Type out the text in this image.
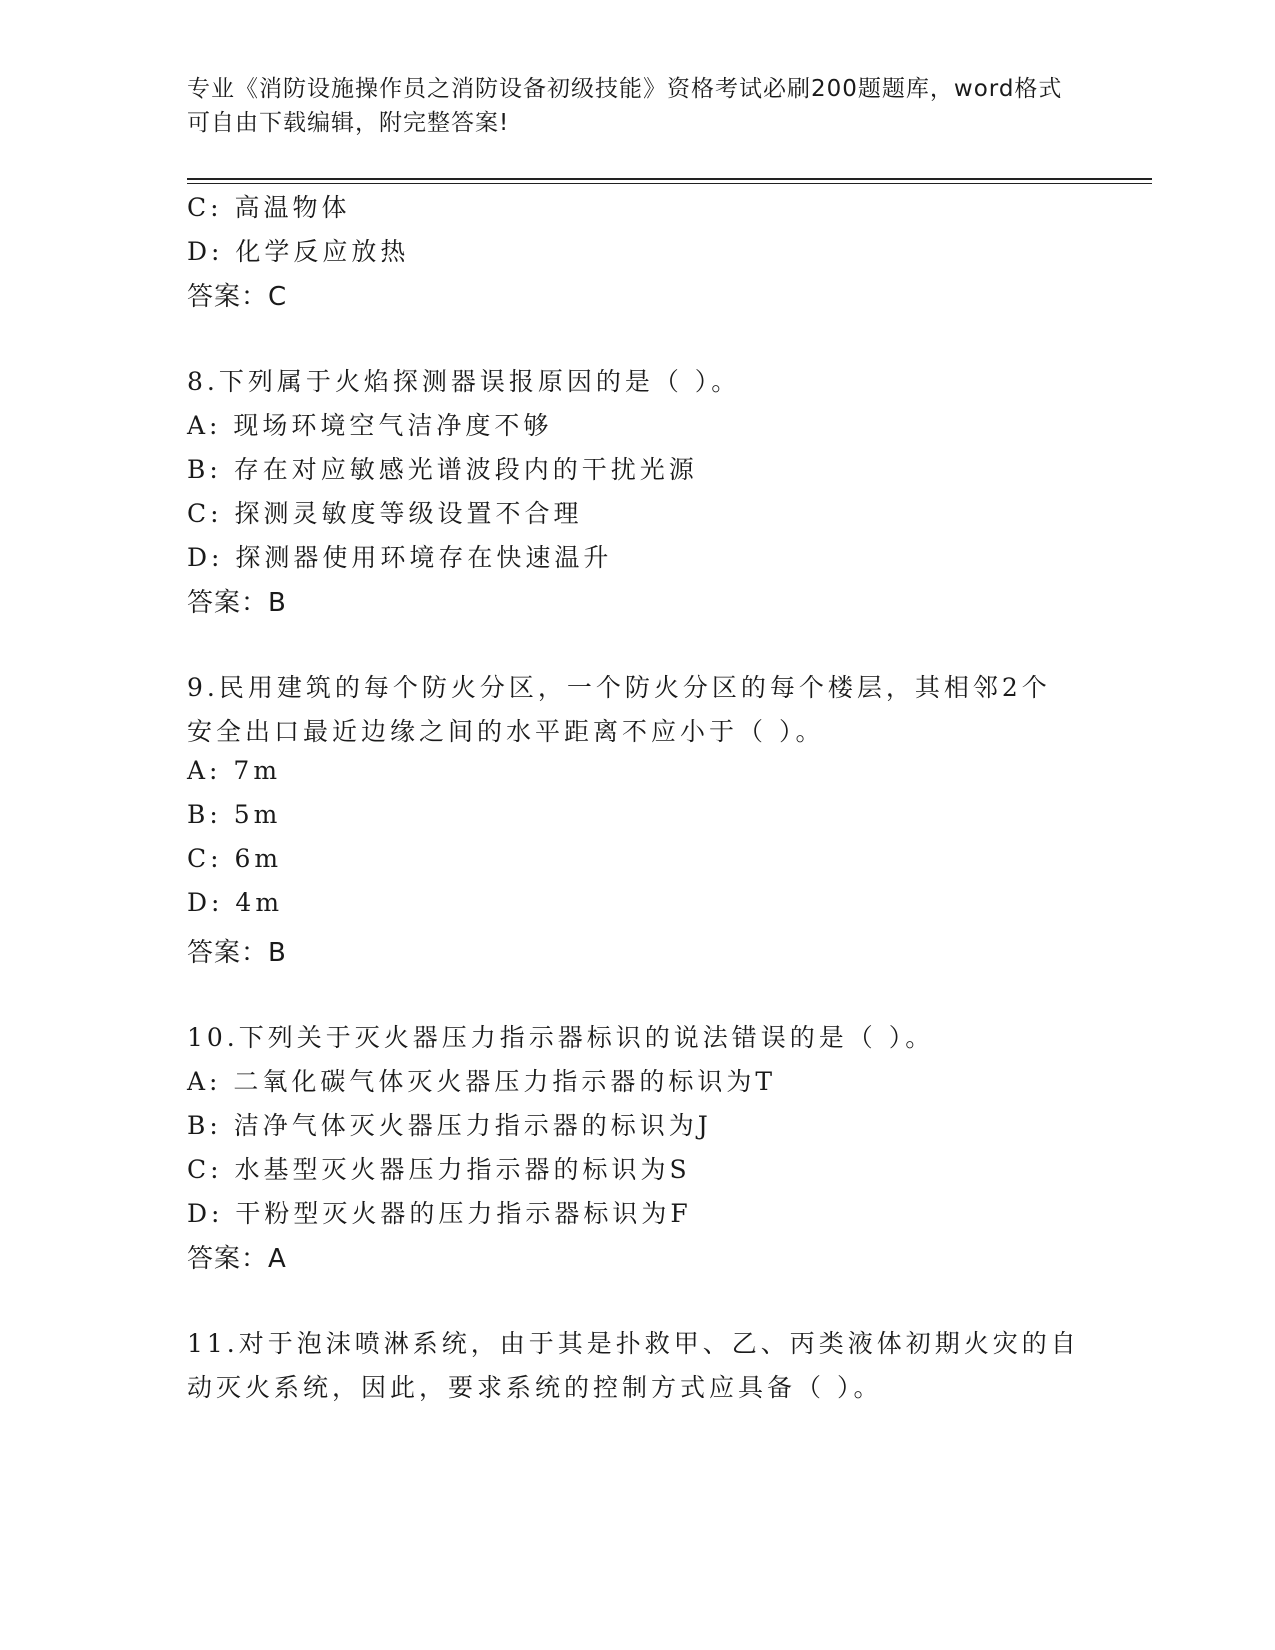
专业《消防设施操作员之消防设备初级技能》资格考试必刷200题题库，word格式可自由下载编辑，附完整答案!
C: 高温物体
D: 化学反应放热
答案：C
8.下列属于火焰探测器误报原因的是（ ）。
A: 现场环境空气洁净度不够
B: 存在对应敏感光谱波段内的干扰光源
C: 探测灵敏度等级设置不合理
D: 探测器使用环境存在快速温升
答案：B
9.民用建筑的每个防火分区，一个防火分区的每个楼层，其相邻2个
安全出口最近边缘之间的水平距离不应小于（ ）。
A: 7m
B: 5m
C: 6m
D: 4m
答案：B
10.下列关于灭火器压力指示器标识的说法错误的是（ ）。
A: 二氧化碳气体灭火器压力指示器的标识为T
B: 洁净气体灭火器压力指示器的标识为J
C: 水基型灭火器压力指示器的标识为S
D: 干粉型灭火器的压力指示器标识为F
答案：A
11.对于泡沫喷淋系统，由于其是扑救甲、乙、丙类液体初期火灾的自
动灭火系统，因此，要求系统的控制方式应具备（ ）。
